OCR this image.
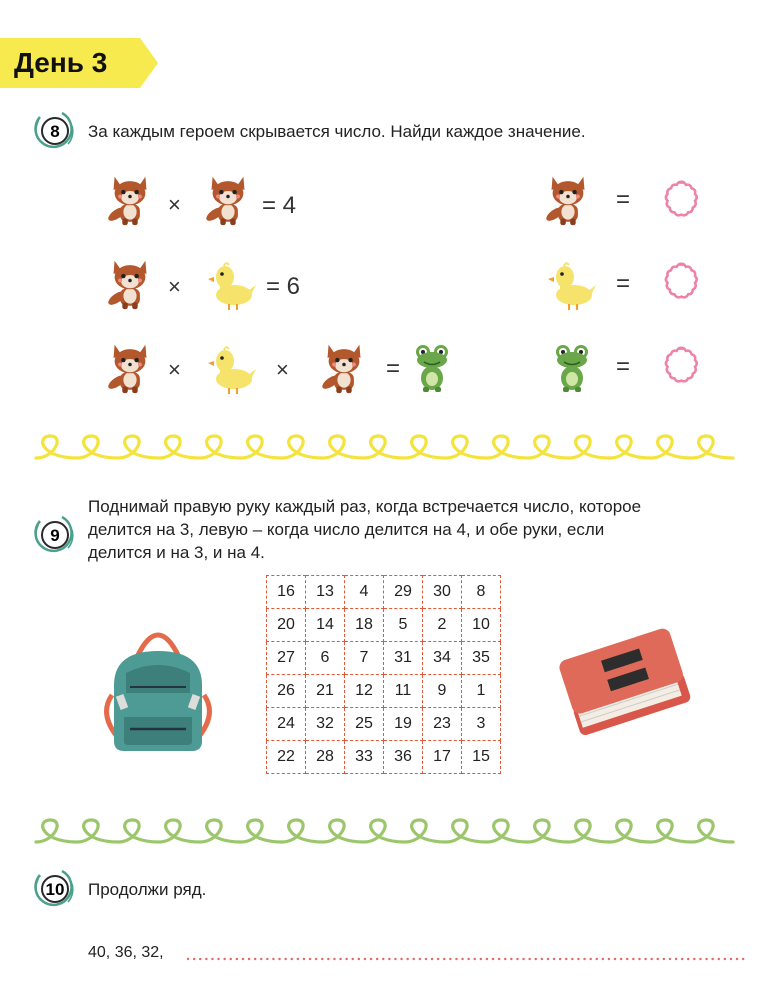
День 3
8 За каждым героем скрывается число. Найди каждое значение.
×	= 4
×	= 6
×	×	=
=
=
=
9
Поднимай правую руку каждый раз, когда встречается число, которое
делится на 3, левую – когда число делится на 4, и обе руки, если
делится и на 3, и на 4.
16	13	4	29	30	8
20	14	18	5	2	10
27	6	7	31	34	35
26	21	12	11	9	1
24	32	25	19	23	3
22	28	33	36	17	15
10 Продолжи ряд.
40, 36, 32,
